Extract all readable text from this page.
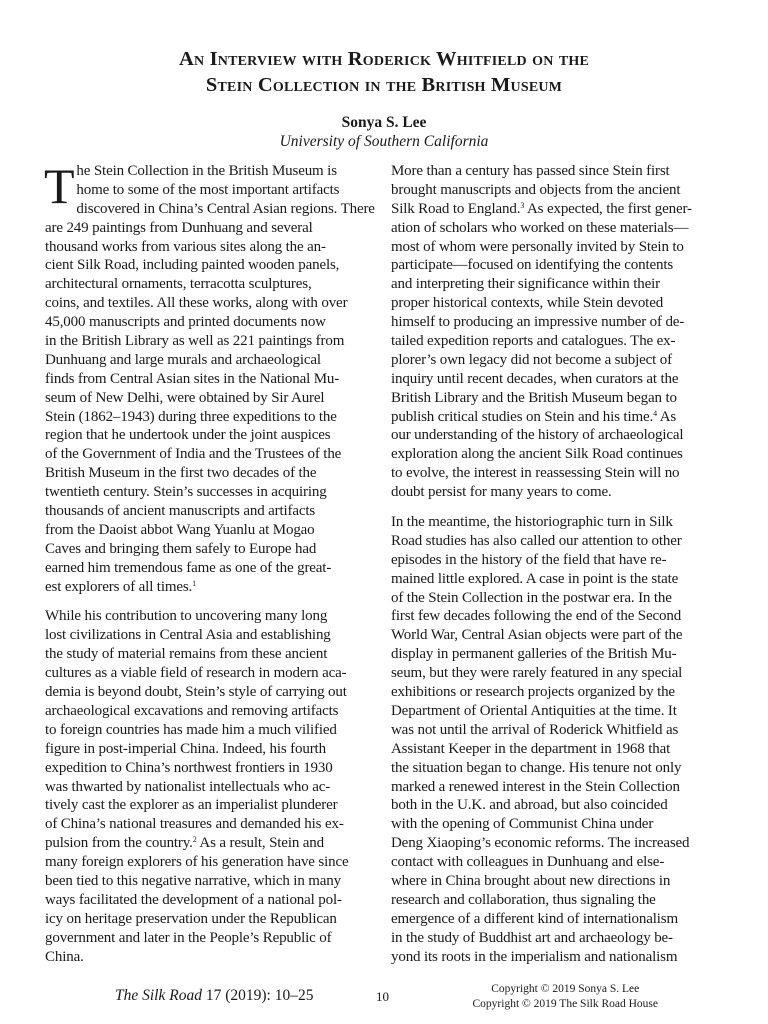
An Interview with Roderick Whitfield on the
Stein Collection in the British Museum
Sonya S. Lee
University of Southern California

T he Stein Collection in the British Museum is
home to some of the most important artifacts
discovered in China’s Central Asian regions. There
are 249 paintings from Dunhuang and several
thousand works from various sites along the an-
cient Silk Road, including painted wooden panels,
architectural ornaments, terracotta sculptures,
coins, and textiles. All these works, along with over
45,000 manuscripts and printed documents now
in the British Library as well as 221 paintings from
Dunhuang and large murals and archaeological
finds from Central Asian sites in the National Mu-
seum of New Delhi, were obtained by Sir Aurel
Stein (1862–1943) during three expeditions to the
region that he undertook under the joint auspices
of the Government of India and the Trustees of the
British Museum in the first two decades of the
twentieth century. Stein’s successes in acquiring
thousands of ancient manuscripts and artifacts
from the Daoist abbot Wang Yuanlu at Mogao
Caves and bringing them safely to Europe had
earned him tremendous fame as one of the great-
est explorers of all times.$^1$

While his contribution to uncovering many long
lost civilizations in Central Asia and establishing
the study of material remains from these ancient
cultures as a viable field of research in modern aca-
demia is beyond doubt, Stein’s style of carrying out
archaeological excavations and removing artifacts
to foreign countries has made him a much vilified
figure in post-imperial China. Indeed, his fourth
expedition to China’s northwest frontiers in 1930
was thwarted by nationalist intellectuals who ac-
tively cast the explorer as an imperialist plunderer
of China’s national treasures and demanded his ex-
pulsion from the country.$^2$ As a result, Stein and
many foreign explorers of his generation have since
been tied to this negative narrative, which in many
ways facilitated the development of a national pol-
icy on heritage preservation under the Republican
government and later in the People’s Republic of
China.

More than a century has passed since Stein first
brought manuscripts and objects from the ancient
Silk Road to England.$^3$ As expected, the first gener-
ation of scholars who worked on these materials—
most of whom were personally invited by Stein to
participate—focused on identifying the contents
and interpreting their significance within their
proper historical contexts, while Stein devoted
himself to producing an impressive number of de-
tailed expedition reports and catalogues. The ex-
plorer’s own legacy did not become a subject of
inquiry until recent decades, when curators at the
British Library and the British Museum began to
publish critical studies on Stein and his time.$^4$ As
our understanding of the history of archaeological
exploration along the ancient Silk Road continues
to evolve, the interest in reassessing Stein will no
doubt persist for many years to come.

In the meantime, the historiographic turn in Silk
Road studies has also called our attention to other
episodes in the history of the field that have re-
mained little explored. A case in point is the state
of the Stein Collection in the postwar era. In the
first few decades following the end of the Second
World War, Central Asian objects were part of the
display in permanent galleries of the British Mu-
seum, but they were rarely featured in any special
exhibitions or research projects organized by the
Department of Oriental Antiquities at the time. It
was not until the arrival of Roderick Whitfield as
Assistant Keeper in the department in 1968 that
the situation began to change. His tenure not only
marked a renewed interest in the Stein Collection
both in the U.K. and abroad, but also coincided
with the opening of Communist China under
Deng Xiaoping’s economic reforms. The increased
contact with colleagues in Dunhuang and else-
where in China brought about new directions in
research and collaboration, thus signaling the
emergence of a different kind of internationalism
in the study of Buddhist art and archaeology be-
yond its roots in the imperialism and nationalism

The Silk Road 17 (2019): 10–25	10	Copyright © 2019 Sonya S. Lee
Copyright © 2019 The Silk Road House
